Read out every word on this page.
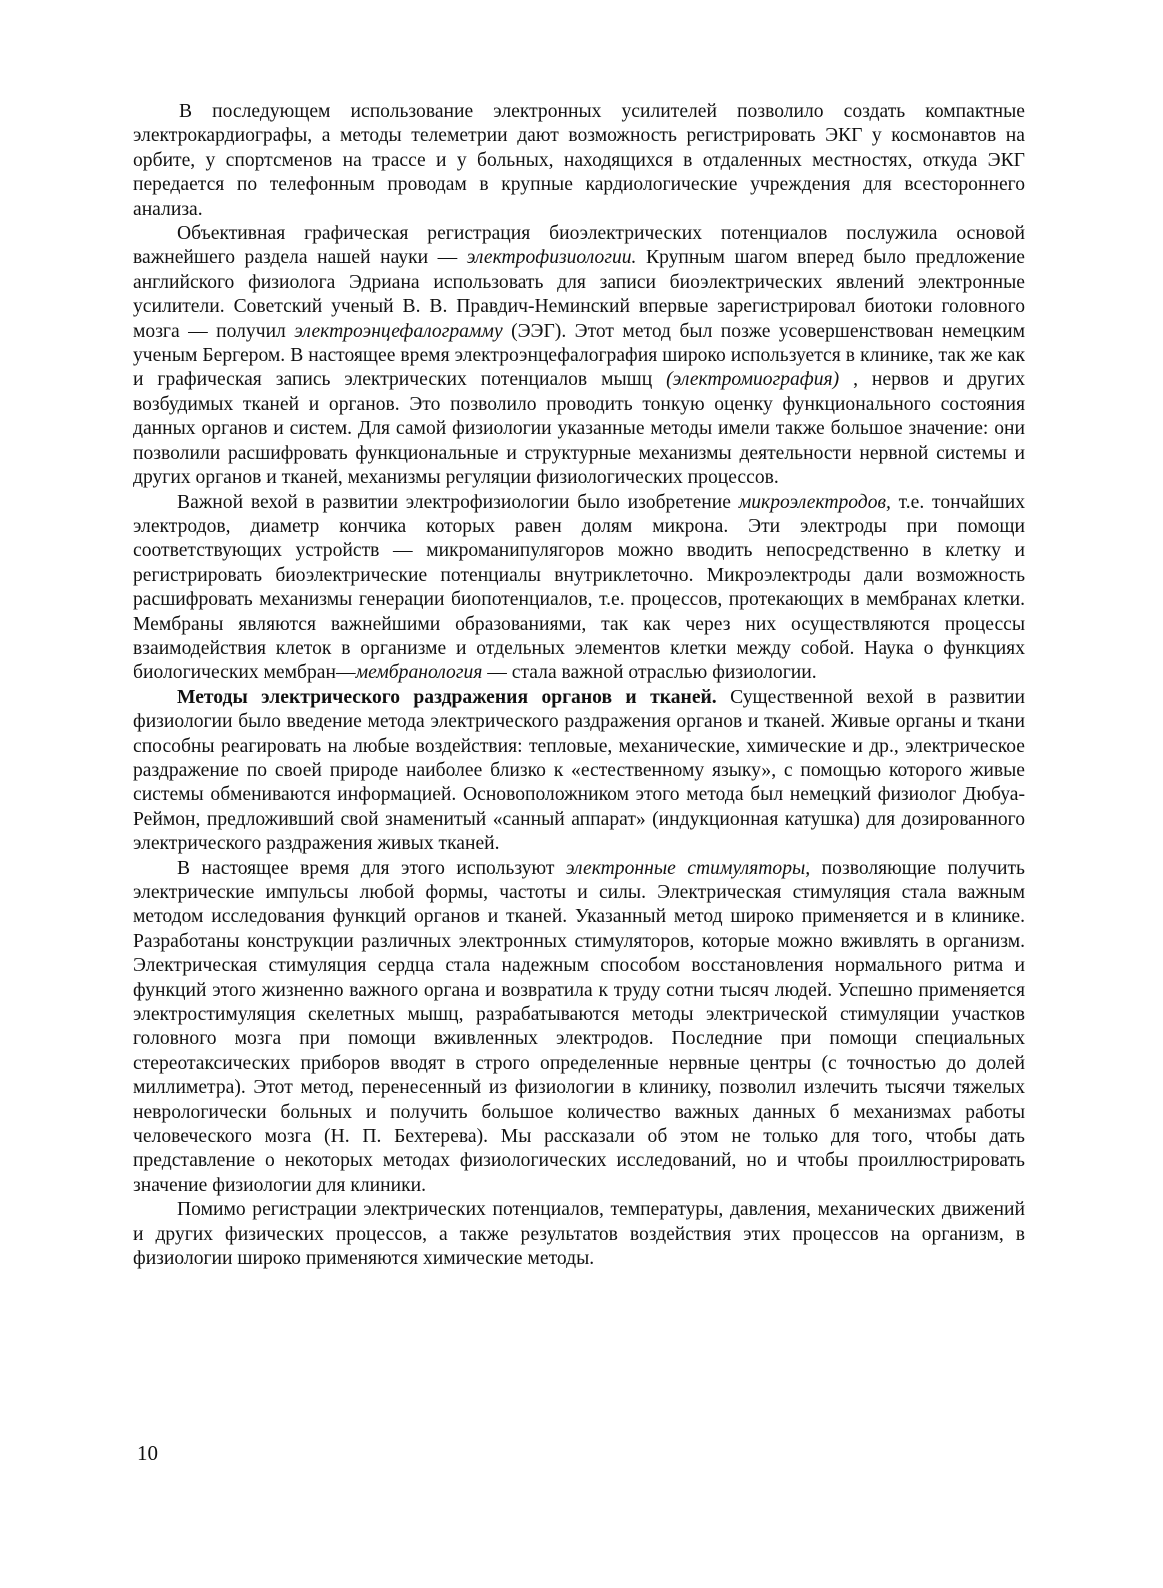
В последующем использование электронных усилителей позволило создать компактные электрокардиографы, а методы телеметрии дают возможность регистрировать ЭКГ у космонавтов на орбите, у спортсменов на трассе и у больных, находящихся в отдаленных местностях, откуда ЭКГ передается по телефонным проводам в крупные кардиологические учреждения для всестороннего анализа.

Объективная графическая регистрация биоэлектрических потенциалов послужила основой важнейшего раздела нашей науки — электрофизиологии. Крупным шагом вперед было предложение английского физиолога Эдриана использовать для записи биоэлектрических явлений электронные усилители. Советский ученый В. В. Правдич-Неминский впервые зарегистрировал биотоки головного мозга — получил электроэнцефалограмму (ЭЭГ). Этот метод был позже усовершенствован немецким ученым Бергером. В настоящее время электроэнцефалография широко используется в клинике, так же как и графическая запись электрических потенциалов мышц (электромиография) , нервов и других возбудимых тканей и органов. Это позволило проводить тонкую оценку функционального состояния данных органов и систем. Для самой физиологии указанные методы имели также большое значение: они позволили расшифровать функциональные и структурные механизмы деятельности нервной системы и других органов и тканей, механизмы регуляции физиологических процессов.

Важной вехой в развитии электрофизиологии было изобретение микроэлектродов, т.е. тончайших электродов, диаметр кончика которых равен долям микрона. Эти электроды при помощи соответствующих устройств — микроманипулягоров можно вводить непосредственно в клетку и регистрировать биоэлектрические потенциалы внутриклеточно. Микроэлектроды дали возможность расшифровать механизмы генерации биопотенциалов, т.е. процессов, протекающих в мембранах клетки. Мембраны являются важнейшими образованиями, так как через них осуществляются процессы взаимодействия клеток в организме и отдельных элементов клетки между собой. Наука о функциях биологических мембран—мембранология — стала важной отраслью физиологии.

Методы электрического раздражения органов и тканей. Существенной вехой в развитии физиологии было введение метода электрического раздражения органов и тканей. Живые органы и ткани способны реагировать на любые воздействия: тепловые, механические, химические и др., электрическое раздражение по своей природе наиболее близко к «естественному языку», с помощью которого живые системы обмениваются информацией. Основоположником этого метода был немецкий физиолог Дюбуа-Реймон, предложивший свой знаменитый «санный аппарат» (индукционная катушка) для дозированного электрического раздражения живых тканей.

В настоящее время для этого используют электронные стимуляторы, позволяющие получить электрические импульсы любой формы, частоты и силы. Электрическая стимуляция стала важным методом исследования функций органов и тканей. Указанный метод широко применяется и в клинике. Разработаны конструкции различных электронных стимуляторов, которые можно вживлять в организм. Электрическая стимуляция сердца стала надежным способом восстановления нормального ритма и функций этого жизненно важного органа и возвратила к труду сотни тысяч людей. Успешно применяется электростимуляция скелетных мышц, разрабатываются методы электрической стимуляции участков головного мозга при помощи вживленных электродов. Последние при помощи специальных стереотаксических приборов вводят в строго определенные нервные центры (с точностью до долей миллиметра). Этот метод, перенесенный из физиологии в клинику, позволил излечить тысячи тяжелых неврологически больных и получить большое количество важных данных б механизмах работы человеческого мозга (Н. П. Бехтерева). Мы рассказали об этом не только для того, чтобы дать представление о некоторых методах физиологических исследований, но и чтобы проиллюстрировать значение физиологии для клиники.

Помимо регистрации электрических потенциалов, температуры, давления, механических движений и других физических процессов, а также результатов воздействия этих процессов на организм, в физиологии широко применяются химические методы.

10
